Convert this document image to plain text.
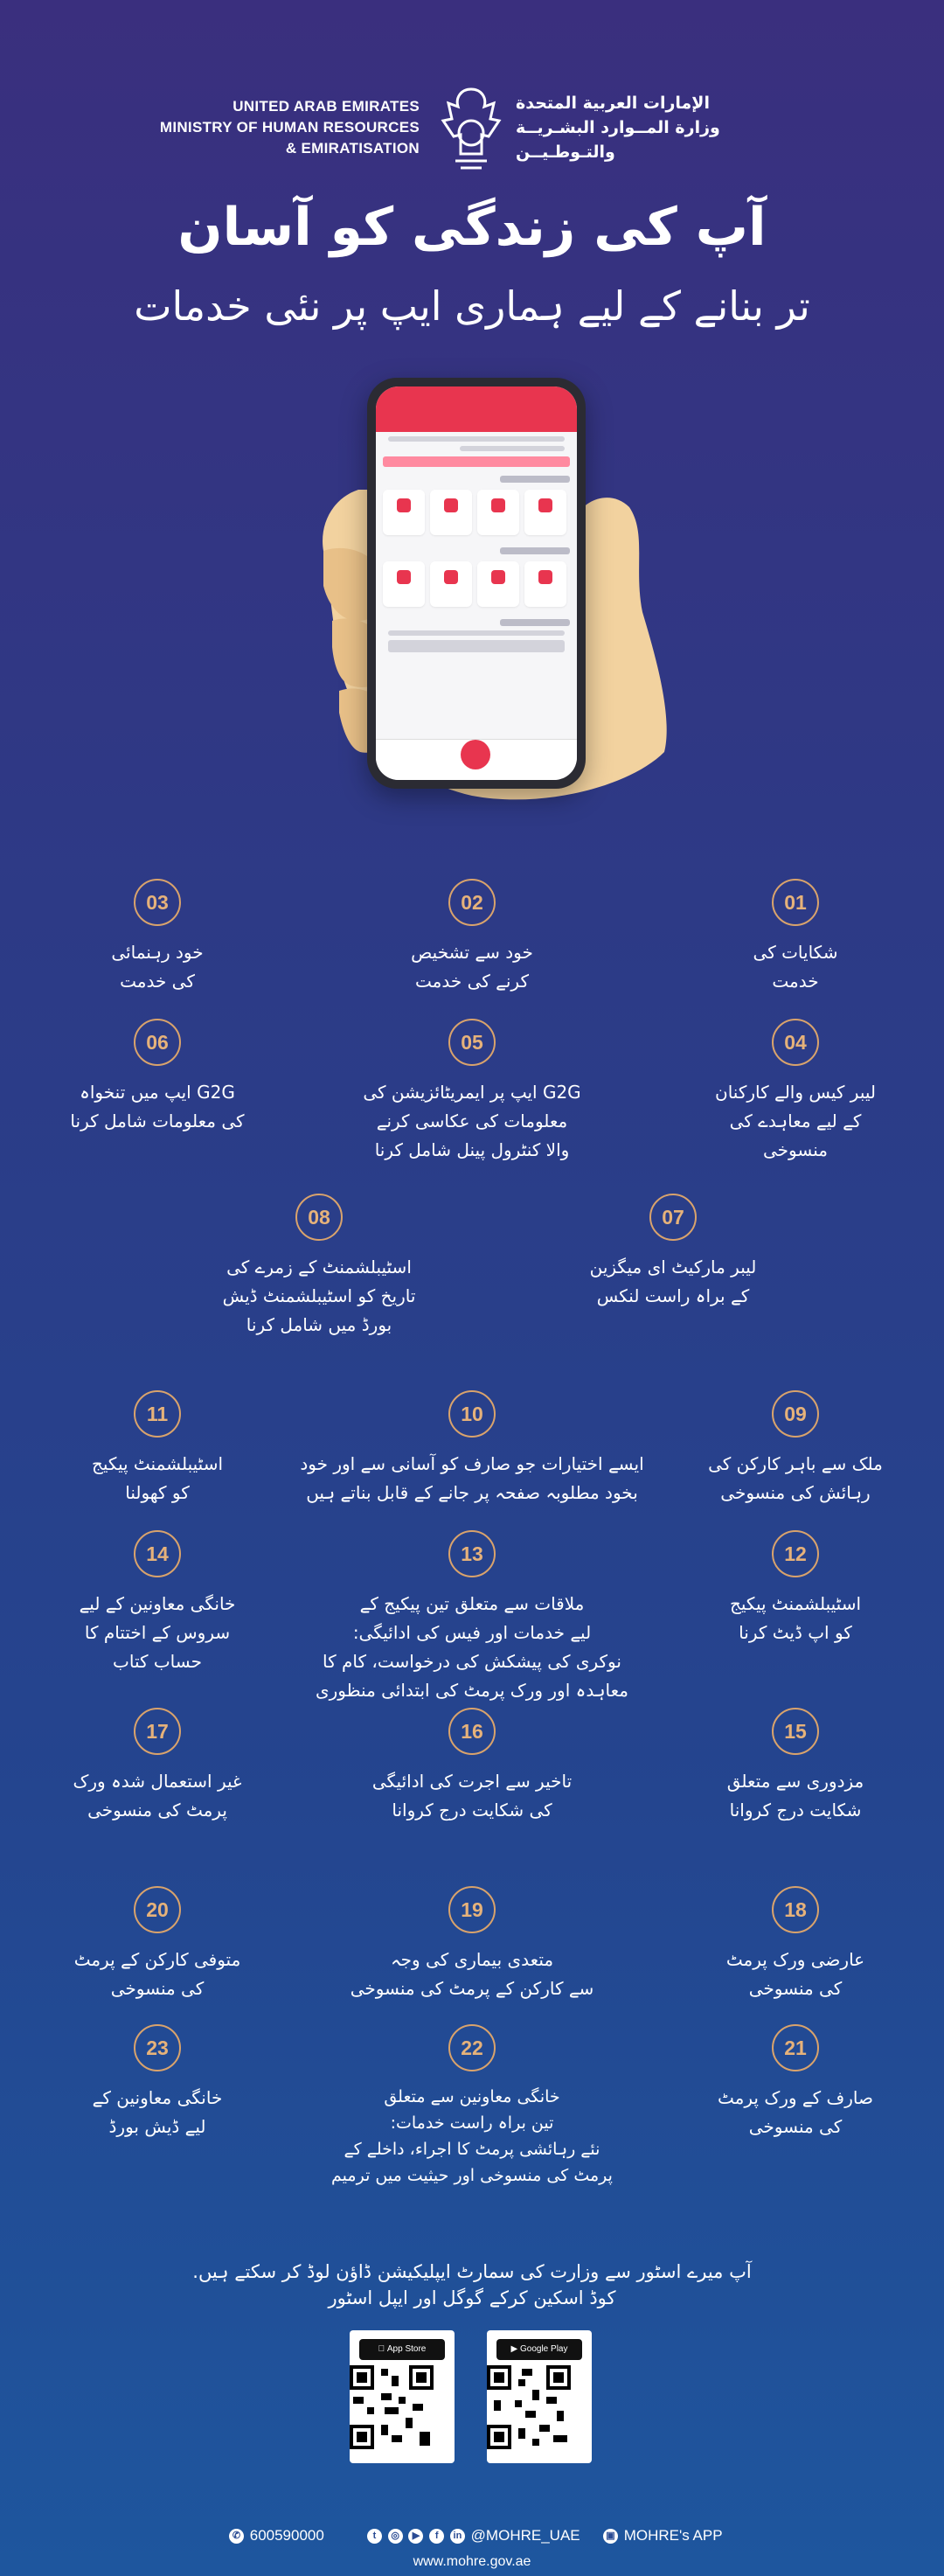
UNITED ARAB EMIRATES
MINISTRY OF HUMAN RESOURCES
& EMIRATISATION
الإمارات العربية المتحدة
وزارة المــوارد البشـريــة
والتـوطـيــن
آپ کی زندگی کو آسان
تر بنانے کے لیے ہماری ایپ پر نئی خدمات
01
شکایات کی
خدمت
02
خود سے تشخیص
کرنے کی خدمت
03
خود رہنمائی
کی خدمت
04
لیبر کیس والے کارکنان
کے لیے معاہدے کی
منسوخی
05
G2G ایپ پر ایمریٹائزیشن کی
معلومات کی عکاسی کرنے
والا کنٹرول پینل شامل کرنا
06
G2G ایپ میں تنخواہ
کی معلومات شامل کرنا
07
لیبر مارکیٹ ای میگزین
کے براہ راست لنکس
08
اسٹیبلشمنٹ کے زمرے کی
تاریخ کو اسٹیبلشمنٹ ڈیش
بورڈ میں شامل کرنا
09
ملک سے باہر کارکن کی
رہائش کی منسوخی
10
ایسے اختیارات جو صارف کو آسانی سے اور خود
بخود مطلوبہ صفحہ پر جانے کے قابل بناتے ہیں
11
اسٹیبلشمنٹ پیکیج
کو کھولنا
12
اسٹیبلشمنٹ پیکیج
کو اپ ڈیٹ کرنا
13
ملاقات سے متعلق تین پیکیج کے
لیے خدمات اور فیس کی ادائیگی:
نوکری کی پیشکش کی درخواست، کام کا
معاہدہ اور ورک پرمٹ کی ابتدائی منظوری
14
خانگی معاونین کے لیے
سروس کے اختتام کا
حساب کتاب
15
مزدوری سے متعلق
شکایت درج کروانا
16
تاخیر سے اجرت کی ادائیگی
کی شکایت درج کروانا
17
غیر استعمال شدہ ورک
پرمٹ کی منسوخی
18
عارضی ورک پرمٹ
کی منسوخی
19
متعدی بیماری کی وجہ
سے کارکن کے پرمٹ کی منسوخی
20
متوفی کارکن کے پرمٹ
کی منسوخی
21
صارف کے ورک پرمٹ
کی منسوخی
22
خانگی معاونین سے متعلق
تین براہ راست خدمات:
نئے رہائشی پرمٹ کا اجراء، داخلے کے
پرمٹ کی منسوخی اور حیثیت میں ترمیم
23
خانگی معاونین کے
لیے ڈیش بورڈ
آپ میرے اسٹور سے وزارت کی سمارٹ ایپلیکیشن ڈاؤن لوڈ کر سکتے ہیں.
کوڈ اسکین کرکے گوگل اور ایپل اسٹور
App Store	▶ Google Play
✆ 600590000	t ◎ ▶ f in @MOHRE_UAE	▣ MOHRE's APP
www.mohre.gov.ae
